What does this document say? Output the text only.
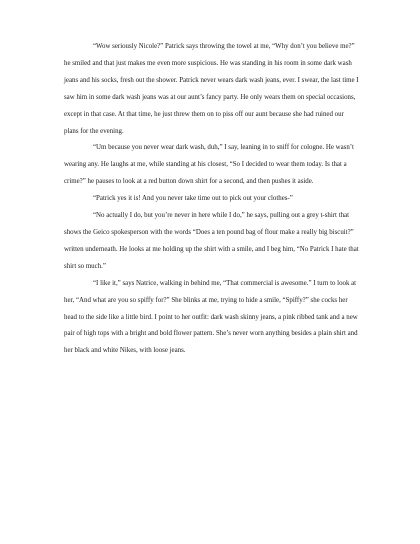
“Wow seriously Nicole?” Patrick says throwing the towel at me, “Why don’t you believe me?” he smiled and that just makes me even more suspicious. He was standing in his room in some dark wash jeans and his socks, fresh out the shower. Patrick never wears dark wash jeans, ever. I swear, the last time I saw him in some dark wash jeans was at our aunt’s fancy party. He only wears them on special occasions, except in that case. At that time, he just threw them on to piss off our aunt because she had ruined our plans for the evening.

“Um because you never wear dark wash, duh,” I say, leaning in to sniff for cologne. He wasn’t wearing any. He laughs at me, while standing at his closest, “So I decided to wear them today. Is that a crime?” he pauses to look at a red button down shirt for a second, and then pushes it aside.

“Patrick yes it is! And you never take time out to pick out your clothes-”

“No actually I do, but you’re never in here while I do,” he says, pulling out a grey t-shirt that shows the Geico spokesperson with the words “Does a ten pound bag of flour make a really big biscuit?” written underneath. He looks at me holding up the shirt with a smile, and I beg him, “No Patrick I hate that shirt so much.”

“I like it,” says Natrice, walking in behind me, “That commercial is awesome.” I turn to look at her, “And what are you so spiffy for?” She blinks at me, trying to hide a smile, “Spiffy?” she cocks her head to the side like a little bird. I point to her outfit: dark wash skinny jeans, a pink ribbed tank and a new pair of high tops with a bright and bold flower pattern. She’s never worn anything besides a plain shirt and her black and white Nikes, with loose jeans.
